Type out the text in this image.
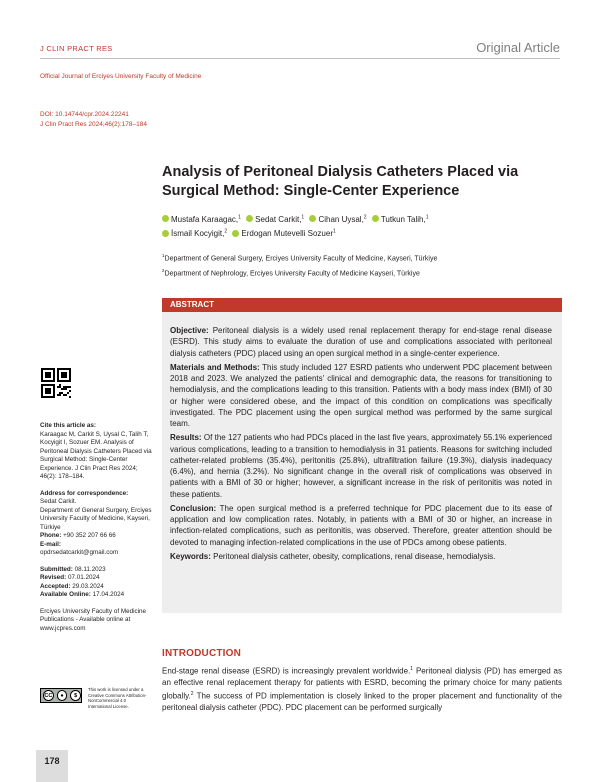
J CLIN PRACT RES	Original Article
Official Journal of Erciyes University Faculty of Medicine
DOI: 10.14744/cpr.2024.22241
J Clin Pract Res 2024;46(2):178–184
Analysis of Peritoneal Dialysis Catheters Placed via
Surgical Method: Single-Center Experience
Mustafa Karaagac,$^1$ Sedat Carkit,$^1$ Cihan Uysal,$^2$ Tutkun Talih,$^1$
İsmail Kocyigit,$^2$ Erdogan Mutevelli Sozuer$^1$
$^1$Department of General Surgery, Erciyes University Faculty of Medicine, Kayseri, Türkiye
$^2$Department of Nephrology, Erciyes University Faculty of Medicine Kayseri, Türkiye
ABSTRACT

Objective: Peritoneal dialysis is a widely used renal replacement therapy for end-stage renal disease (ESRD). This study aims to evaluate the duration of use and complications associated with peritoneal dialysis catheters (PDC) placed using an open surgical method in a single-center experience.

Materials and Methods: This study included 127 ESRD patients who underwent PDC placement between 2018 and 2023. We analyzed the patients' clinical and demographic data, the reasons for transitioning to hemodialysis, and the complications leading to this transition. Patients with a body mass index (BMI) of 30 or higher were considered obese, and the impact of this condition on complications was specifically investigated. The PDC placement using the open surgical method was performed by the same surgical team.

Results: Of the 127 patients who had PDCs placed in the last five years, approximately 55.1% experienced various complications, leading to a transition to hemodialysis in 31 patients. Reasons for switching included catheter-related problems (35.4%), peritonitis (25.8%), ultrafiltration failure (19.3%), dialysis inadequacy (6.4%), and hernia (3.2%). No significant change in the overall risk of complications was observed in patients with a BMI of 30 or higher; however, a significant increase in the risk of peritonitis was noted in these patients.

Conclusion: The open surgical method is a preferred technique for PDC placement due to its ease of application and low complication rates. Notably, in patients with a BMI of 30 or higher, an increase in infection-related complications, such as peritonitis, was observed. Therefore, greater attention should be devoted to managing infection-related complications in the use of PDCs among obese patients.

Keywords: Peritoneal dialysis catheter, obesity, complications, renal disease, hemodialysis.

Cite this article as:
Karaagac M, Carkit S, Uysal C, Talih T, Kocyigit I, Sozuer EM. Analysis of Peritoneal Dialysis Catheters Placed via Surgical Method: Single-Center Experience. J Clin Pract Res 2024; 46(2): 178–184.
Address for correspondence:
Sedat Carkit.
Department of General Surgery, Erciyes University Faculty of Medicine, Kayseri, Türkiye
Phone: +90 352 207 66 66
E-mail:
opdrsedatcarkit@gmail.com
Submitted: 08.11.2023
Revised: 07.01.2024
Accepted: 29.03.2024
Available Online: 17.04.2024
Erciyes University Faculty of Medicine Publications - Available online at www.jcpres.com
CC	●	$
This work is licensed under a Creative Commons Attribution-NonCommercial 4.0 International License.
INTRODUCTION
End-stage renal disease (ESRD) is increasingly prevalent worldwide.$^1$ Peritoneal dialysis (PD) has emerged as an effective renal replacement therapy for patients with ESRD, becoming the primary choice for many patients globally.$^2$ The success of PD implementation is closely linked to the proper placement and functionality of the peritoneal dialysis catheter (PDC). PDC placement can be performed surgically
178
